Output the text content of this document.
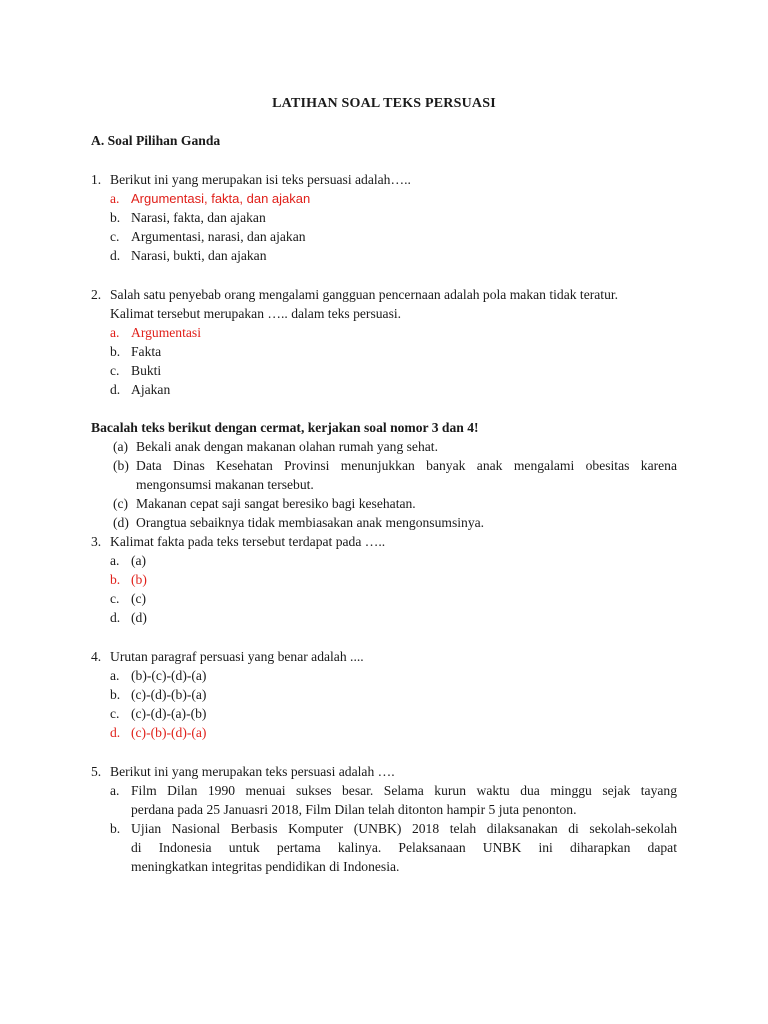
LATIHAN SOAL TEKS PERSUASI
A. Soal Pilihan Ganda
1. Berikut ini yang merupakan isi teks persuasi adalah…..
a. Argumentasi, fakta, dan ajakan
b. Narasi, fakta, dan ajakan
c. Argumentasi, narasi, dan ajakan
d. Narasi, bukti, dan ajakan
2. Salah satu penyebab orang mengalami gangguan pencernaan adalah pola makan tidak teratur.
Kalimat tersebut merupakan ….. dalam teks persuasi.
a. Argumentasi
b. Fakta
c. Bukti
d. Ajakan
Bacalah teks berikut dengan cermat, kerjakan soal nomor 3 dan 4!
(a) Bekali anak dengan makanan olahan rumah yang sehat.
(b) Data Dinas Kesehatan Provinsi menunjukkan banyak anak mengalami obesitas karena
mengonsumsi makanan tersebut.
(c) Makanan cepat saji sangat beresiko bagi kesehatan.
(d) Orangtua sebaiknya tidak membiasakan anak mengonsumsinya.
3. Kalimat fakta pada teks tersebut terdapat pada …..
a. (a)
b. (b)
c. (c)
d. (d)
4. Urutan paragraf persuasi yang benar adalah ....
a. (b)-(c)-(d)-(a)
b. (c)-(d)-(b)-(a)
c. (c)-(d)-(a)-(b)
d. (c)-(b)-(d)-(a)
5. Berikut ini yang merupakan teks persuasi adalah ….
a. Film Dilan 1990 menuai sukses besar. Selama kurun waktu dua minggu sejak tayang
perdana pada 25 Januasri 2018, Film Dilan telah ditonton hampir 5 juta penonton.
b. Ujian Nasional Berbasis Komputer (UNBK) 2018 telah dilaksanakan di sekolah-sekolah
di Indonesia untuk pertama kalinya. Pelaksanaan UNBK ini diharapkan dapat
meningkatkan integritas pendidikan di Indonesia.
